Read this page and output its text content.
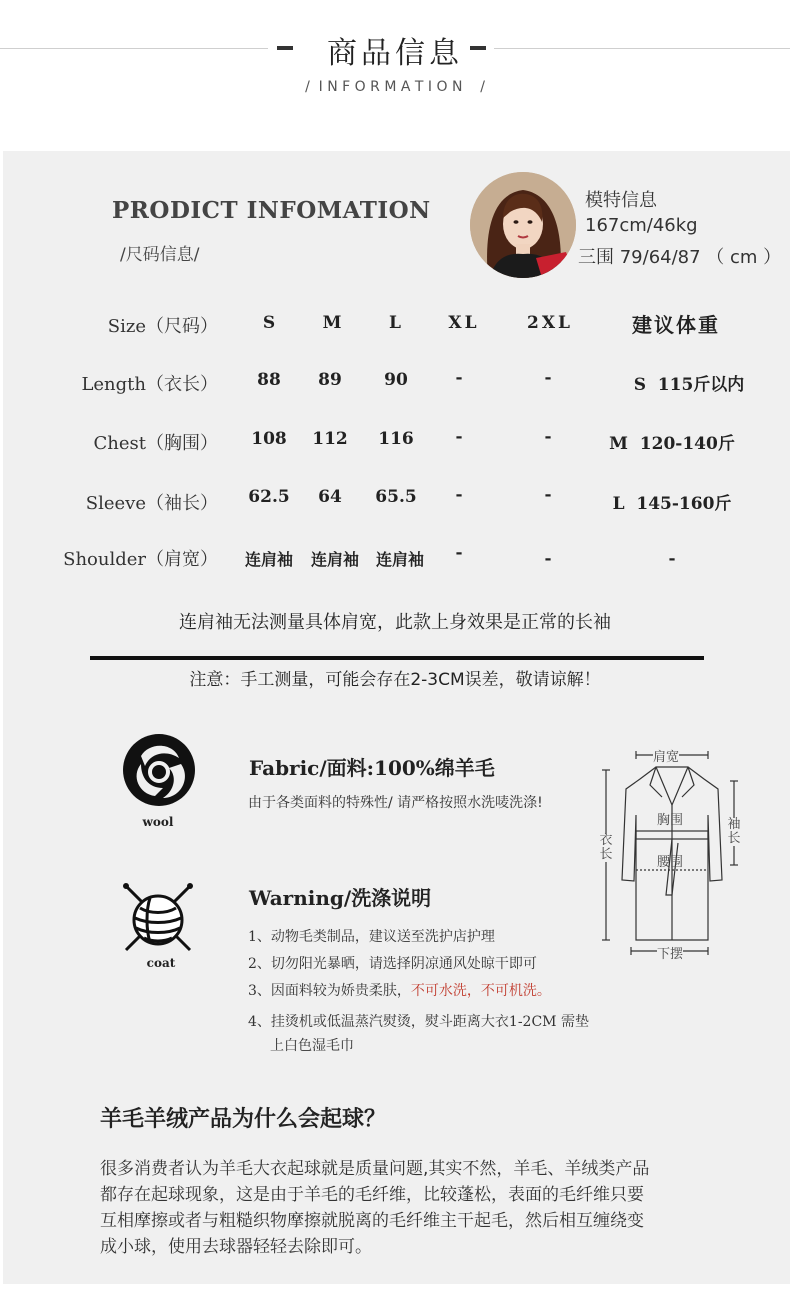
商品信息
/  I N F O R M A T I O N    /
PRODICT INFOMATION
/尺码信息/
模特信息
167cm/46kg
三围 79/64/87 （ cm ）
Size（尺码）	S	M	L	XL	2XL	建议体重
Length（衣长） 88 89 90	-	-	S  115斤以内
Chest（胸围） 108 112 116 -	-	M  120-140斤
Sleeve（袖长） 62.5 64 65.5 -	-	L  145-160斤
Shoulder（肩宽） 连肩袖 连肩袖 连肩袖 -	-	-
连肩袖无法测量具体肩宽，此款上身效果是正常的长袖
注意：手工测量，可能会存在2-3CM误差，敬请谅解！
wool
Fabric/面料:100%绵羊毛
由于各类面料的特殊性/ 请严格按照水洗唛洗涤!
coat
Warning/洗涤说明
1、动物毛类制品，建议送至洗护店护理
2、切勿阳光暴晒，请选择阴凉通风处晾干即可
3、因面料较为娇贵柔肤，不可水洗，不可机洗。
4、挂烫机或低温蒸汽熨烫，熨斗距离大衣1-2CM 需垫
上白色湿毛巾
肩宽
胸围
腰围
下摆
衣长
袖长
羊毛羊绒产品为什么会起球？
很多消费者认为羊毛大衣起球就是质量问题,其实不然，羊毛、羊绒类产品
都存在起球现象，这是由于羊毛的毛纤维，比较蓬松，表面的毛纤维只要
互相摩擦或者与粗糙织物摩擦就脱离的毛纤维主干起毛，然后相互缠绕变
成小球，使用去球器轻轻去除即可。
